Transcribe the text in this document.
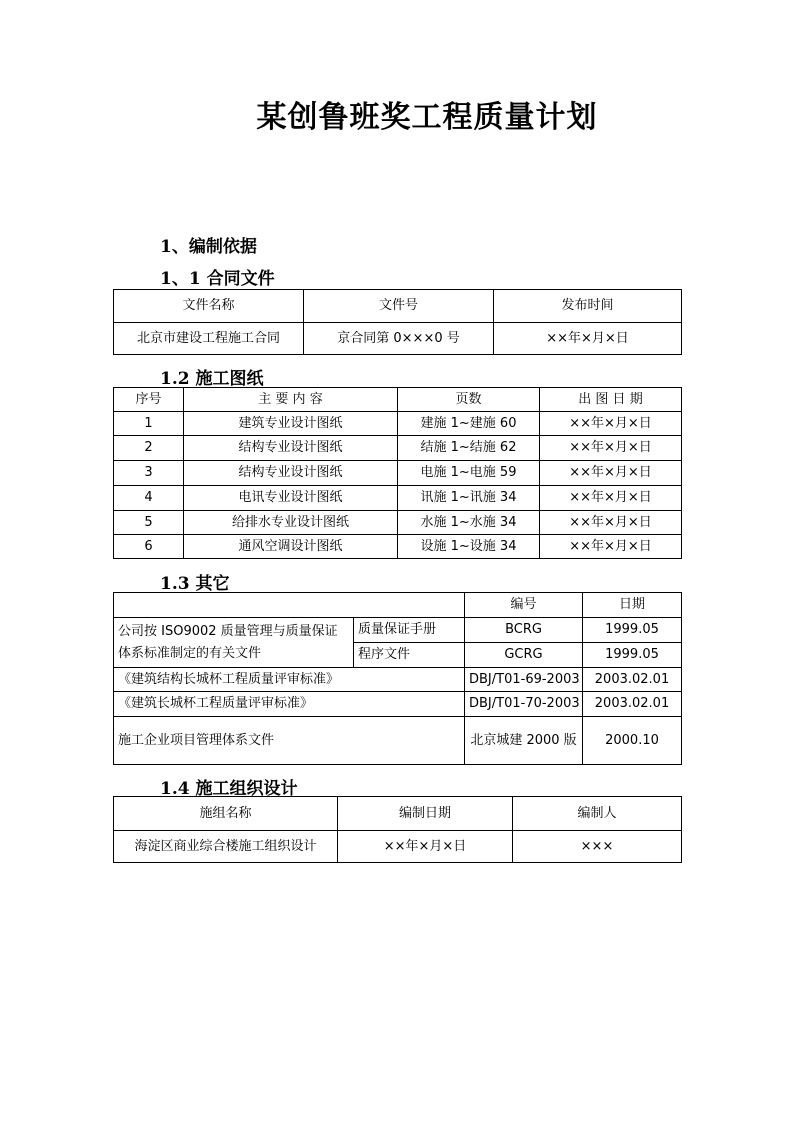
某创鲁班奖工程质量计划
1、编制依据
1、1 合同文件
文件名称	文件号	发布时间
北京市建设工程施工合同	京合同第 0×××0 号	××年×月×日
1.2 施工图纸
序号	主 要 内 容	页数	出 图 日 期
1	建筑专业设计图纸	建施 1~建施 60	××年×月×日
2	结构专业设计图纸	结施 1~结施 62	××年×月×日
3	结构专业设计图纸	电施 1~电施 59	××年×月×日
4	电讯专业设计图纸	讯施 1~讯施 34	××年×月×日
5	给排水专业设计图纸	水施 1~水施 34	××年×月×日
6	通风空调设计图纸	设施 1~设施 34	××年×月×日
1.3 其它
		编号	日期
公司按 ISO9002 质量管理与质量保证体系标准制定的有关文件	质量保证手册	BCRG	1999.05
	程序文件	GCRG	1999.05
《建筑结构长城杯工程质量评审标准》		DBJ/T01-69-2003	2003.02.01
《建筑长城杯工程质量评审标准》		DBJ/T01-70-2003	2003.02.01
施工企业项目管理体系文件		北京城建 2000 版	2000.10
1.4 施工组织设计
施组名称	编制日期	编制人
海淀区商业综合楼施工组织设计	××年×月×日	×××
